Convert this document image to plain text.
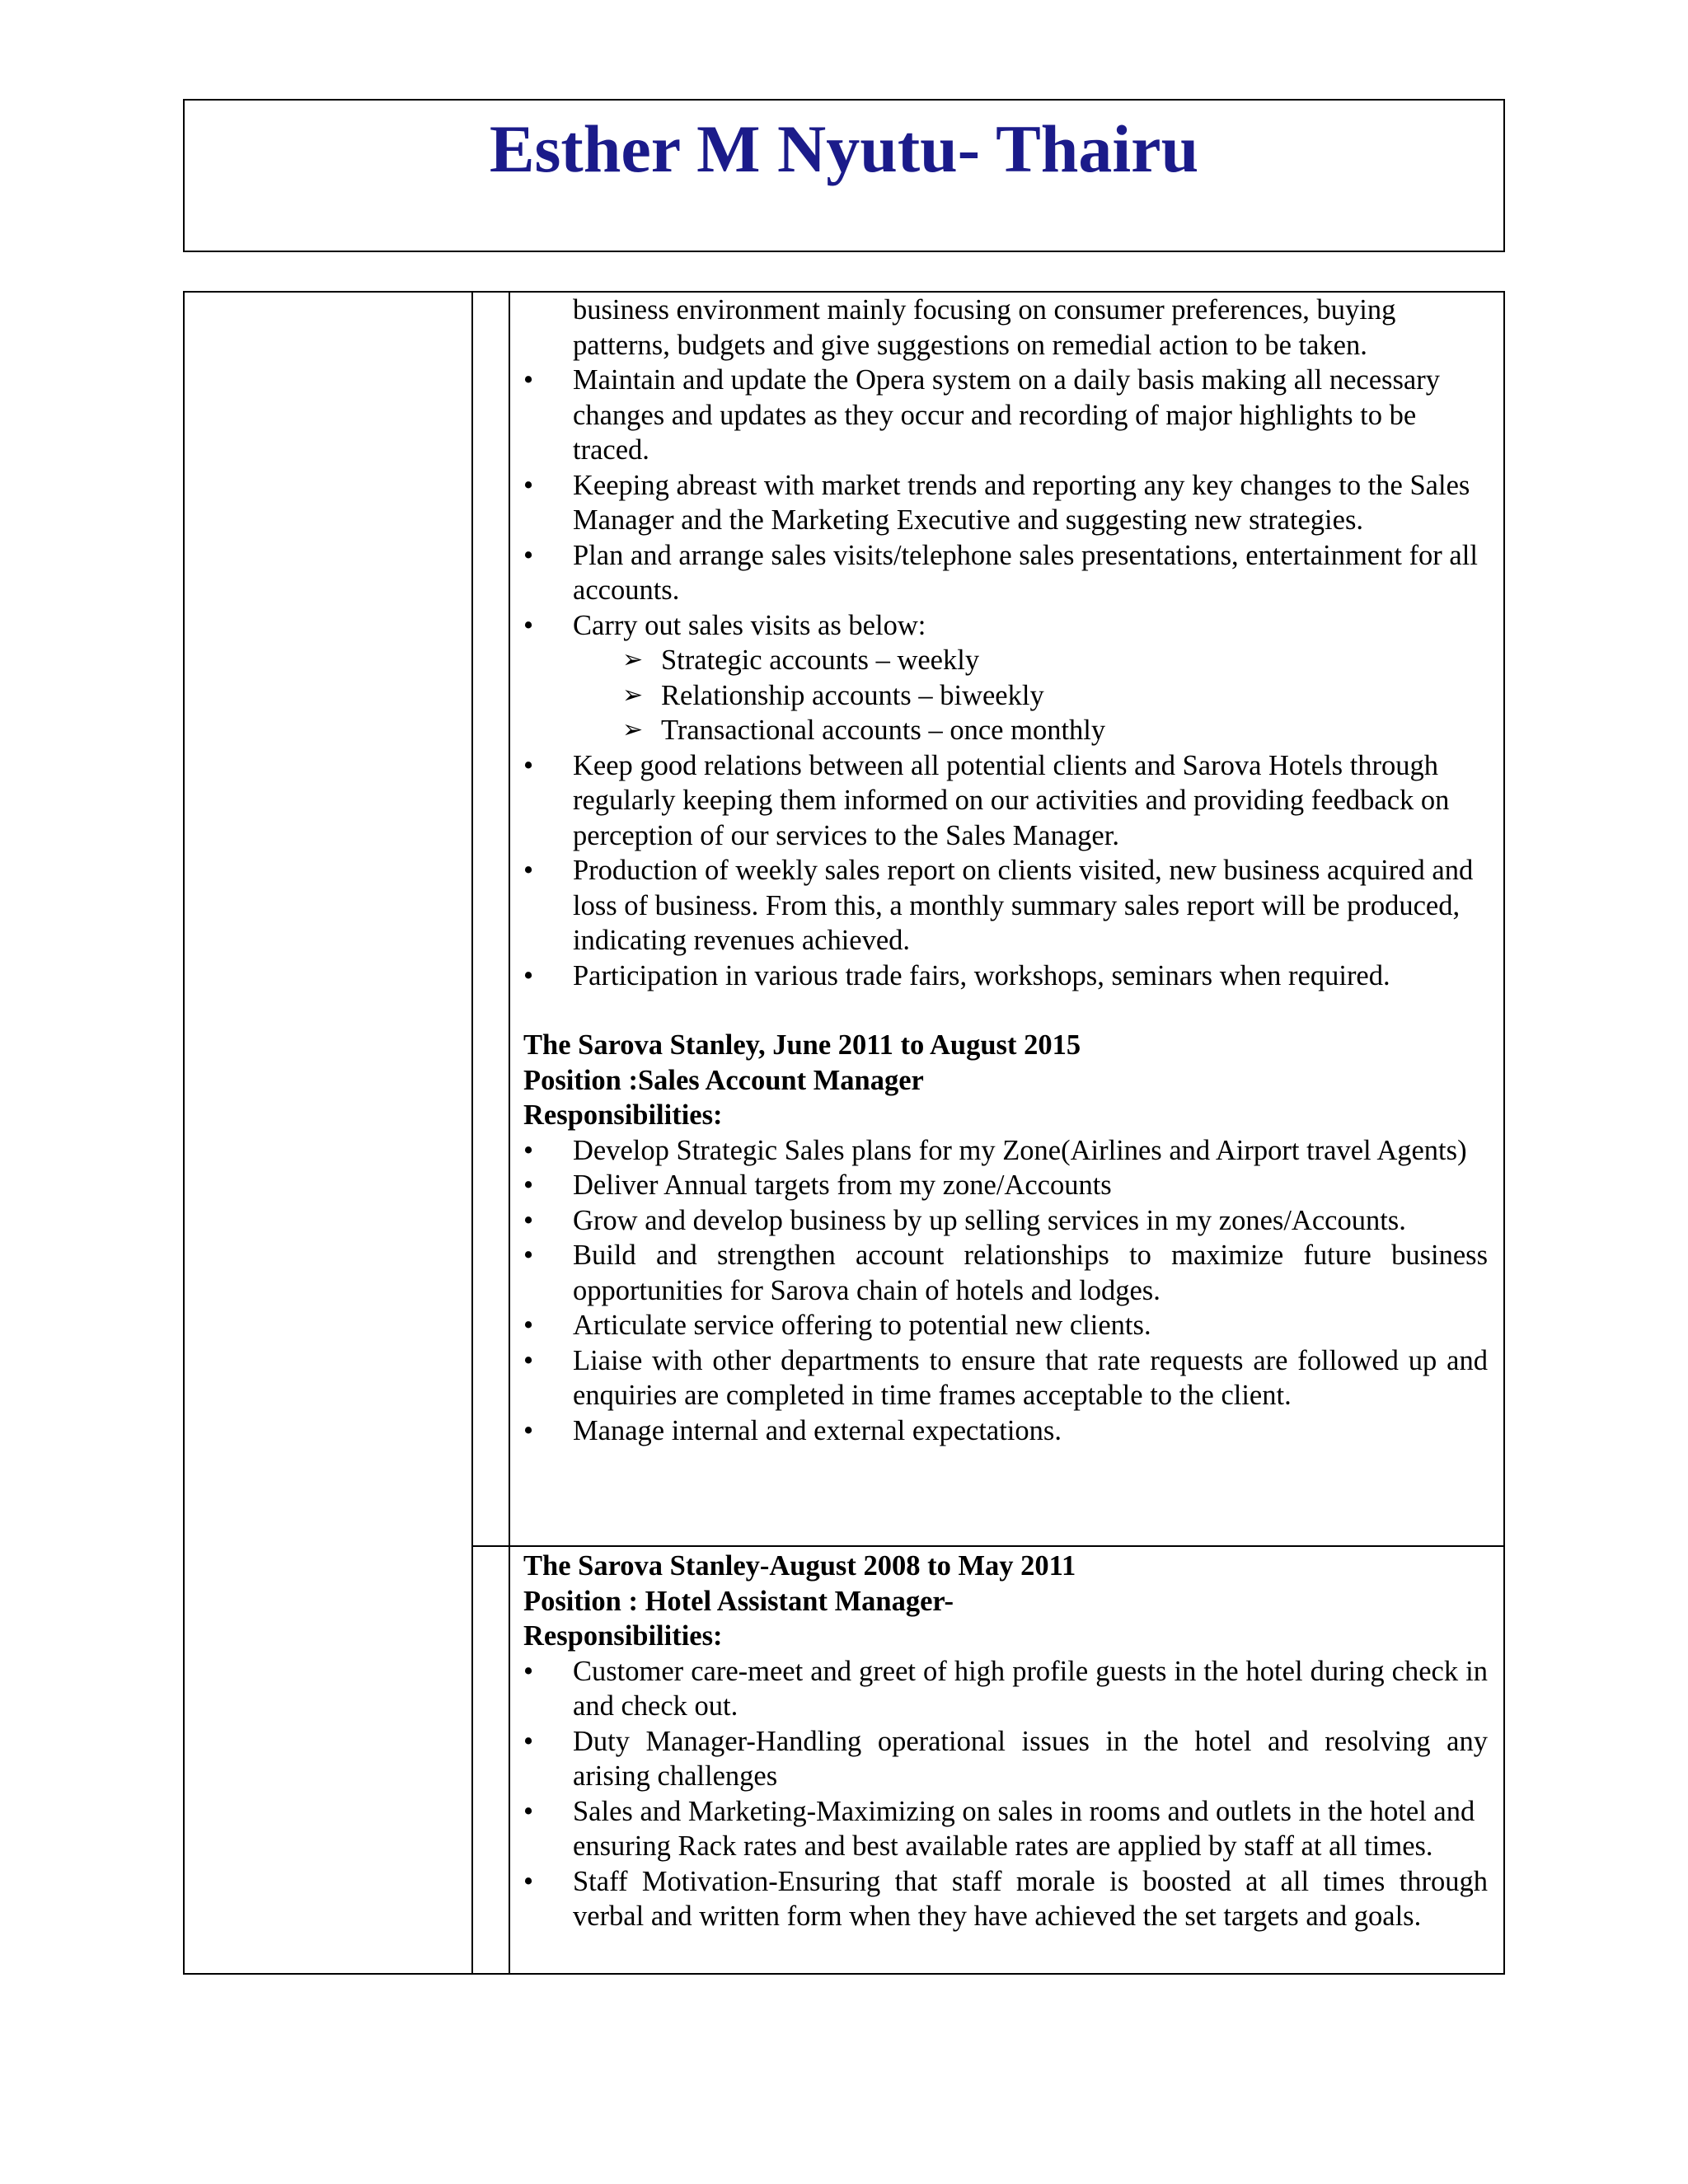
Esther M Nyutu- Thairu
business environment mainly focusing on consumer preferences, buying patterns, budgets and give suggestions on remedial action to be taken.
• Maintain and update the Opera system on a daily basis making all necessary changes and updates as they occur and recording of major highlights to be traced.
• Keeping abreast with market trends and reporting any key changes to the Sales Manager and the Marketing Executive and suggesting new strategies.
• Plan and arrange sales visits/telephone sales presentations, entertainment for all accounts.
• Carry out sales visits as below:
➢ Strategic accounts – weekly
➢ Relationship accounts – biweekly
➢ Transactional accounts – once monthly
• Keep good relations between all potential clients and Sarova Hotels through regularly keeping them informed on our activities and providing feedback on perception of our services to the Sales Manager.
• Production of weekly sales report on clients visited, new business acquired and loss of business. From this, a monthly summary sales report will be produced, indicating revenues achieved.
• Participation in various trade fairs, workshops, seminars when required.
The Sarova Stanley, June 2011 to August 2015
Position :Sales Account Manager
Responsibilities:
• Develop Strategic Sales plans for my Zone(Airlines and Airport travel Agents)
• Deliver Annual targets from my zone/Accounts
• Grow and develop business by up selling services in my zones/Accounts.
• Build and strengthen account relationships to maximize future business opportunities for Sarova chain of hotels and lodges.
• Articulate service offering to potential new clients.
• Liaise with other departments to ensure that rate requests are followed up and enquiries are completed in time frames acceptable to the client.
• Manage internal and external expectations.
The Sarova Stanley-August 2008 to May 2011
Position : Hotel Assistant Manager-
Responsibilities:
• Customer care-meet and greet of high profile guests in the hotel during check in and check out.
• Duty Manager-Handling operational issues in the hotel and resolving any arising challenges
• Sales and Marketing-Maximizing on sales in rooms and outlets in the hotel and ensuring Rack rates and best available rates are applied by staff at all times.
• Staff Motivation-Ensuring that staff morale is boosted at all times through verbal and written form when they have achieved the set targets and goals.
